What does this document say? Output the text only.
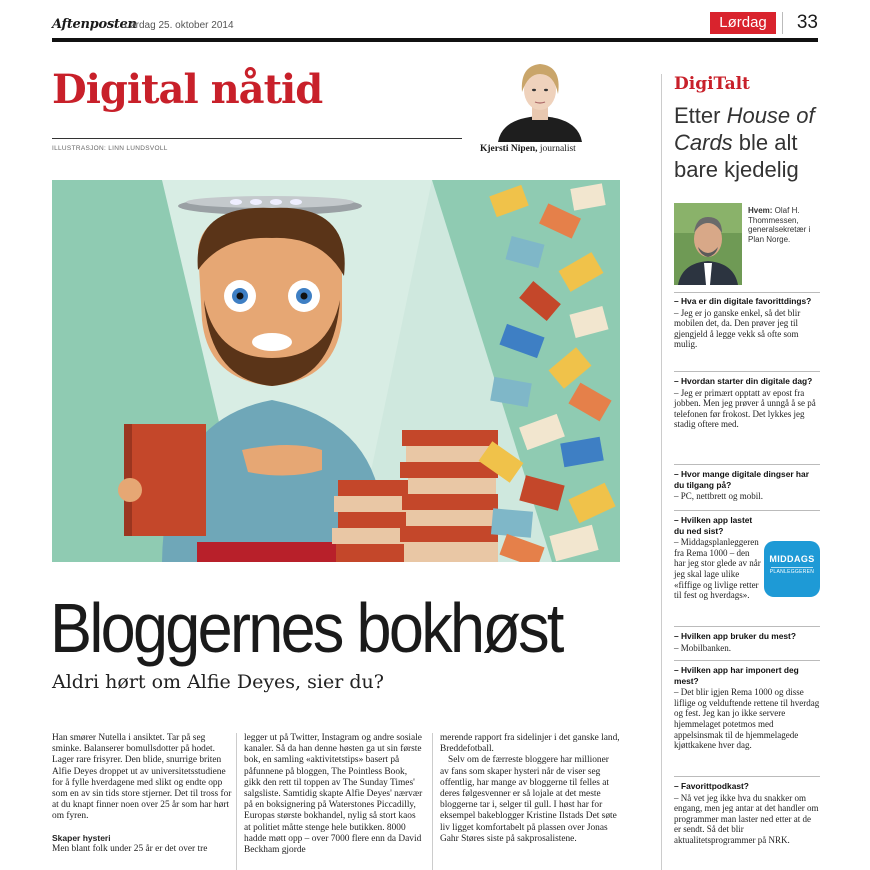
Aftenposten
Lørdag 25. oktober 2014	Lørdag	33
Digital nåtid
ILLUSTRASJON: LINN LUNDSVOLL	Kjersti Nipen, journalist
Bloggernes bokhøst
Aldri hørt om Alfie Deyes, sier du?

Han smører Nutella i ansiktet. Tar på seg sminke. Balanserer bomullsdotter på hodet. Lager rare frisyrer. Den blide, snurrige briten Alfie Deyes droppet ut av universitetsstudiene for å fylle hverdagene med slikt og endte opp som en av sin tids store stjerner. Det til tross for at du knapt finner noen over 25 år som har hørt om fyren.

Skaper hysteri

Men blant folk under 25 år er det over tre

legger ut på Twitter, Instagram og andre sosiale kanaler. Så da han denne høsten ga ut sin første bok, en samling «aktivitetstips» basert på påfunnene på bloggen, The Pointless Book, gikk den rett til toppen av The Sunday Times' salgsliste. Samtidig skapte Alfie Deyes' nærvær på en boksignering på Waterstones Piccadilly, Europas største bokhandel, nylig så stort kaos at politiet måtte stenge hele butikken. 8000 hadde møtt opp – over 7000 flere enn da David Beckham gjorde

merende rapport fra sidelinjer i det ganske land, Breddefotball.

Selv om de færreste bloggere har millioner av fans som skaper hysteri når de viser seg offentlig, har mange av bloggerne til felles at deres følgesvenner er så lojale at det meste bloggerne tar i, selger til gull. I høst har for eksempel bakeblogger Kristine Ilstads Det søte liv ligget komfortabelt på plassen over Jonas Gahr Støres siste på sakprosalistene.

DigiTalt
Etter House of Cards ble alt bare kjedelig
Hvem: Olaf H. Thommessen, generalsekretær i Plan Norge.
– Hva er din digitale favorittdings?
– Jeg er jo ganske enkel, så det blir mobilen det, da. Den prøver jeg til gjengjeld å legge vekk så ofte som mulig.
– Hvordan starter din digitale dag?
– Jeg er primært opptatt av epost fra jobben. Men jeg prøver å unngå å se på telefonen før frokost. Det lykkes jeg stadig oftere med.
– Hvor mange digitale dingser har du tilgang på?
– PC, nettbrett og mobil.
– Hvilken app lastet du ned sist?
– Middagsplanleggeren fra Rema 1000 – den har jeg stor glede av når jeg skal lage ulike «fiffige og livlige retter til fest og hverdags».
MIDDAGS
PLANLEGGEREN
– Hvilken app bruker du mest?
– Mobilbanken.
– Hvilken app har imponert deg mest?
– Det blir igjen Rema 1000 og disse liflige og velduftende rettene til hverdag og fest. Jeg kan jo ikke servere hjemmelaget potetmos med appelsinsmak til de hjemmelagede kjøttkakene hver dag.
– Favorittpodkast?
– Nå vet jeg ikke hva du snakker om engang, men jeg antar at det handler om programmer man laster ned etter at de er sendt. Så det blir aktualitetsprogrammer på NRK.
